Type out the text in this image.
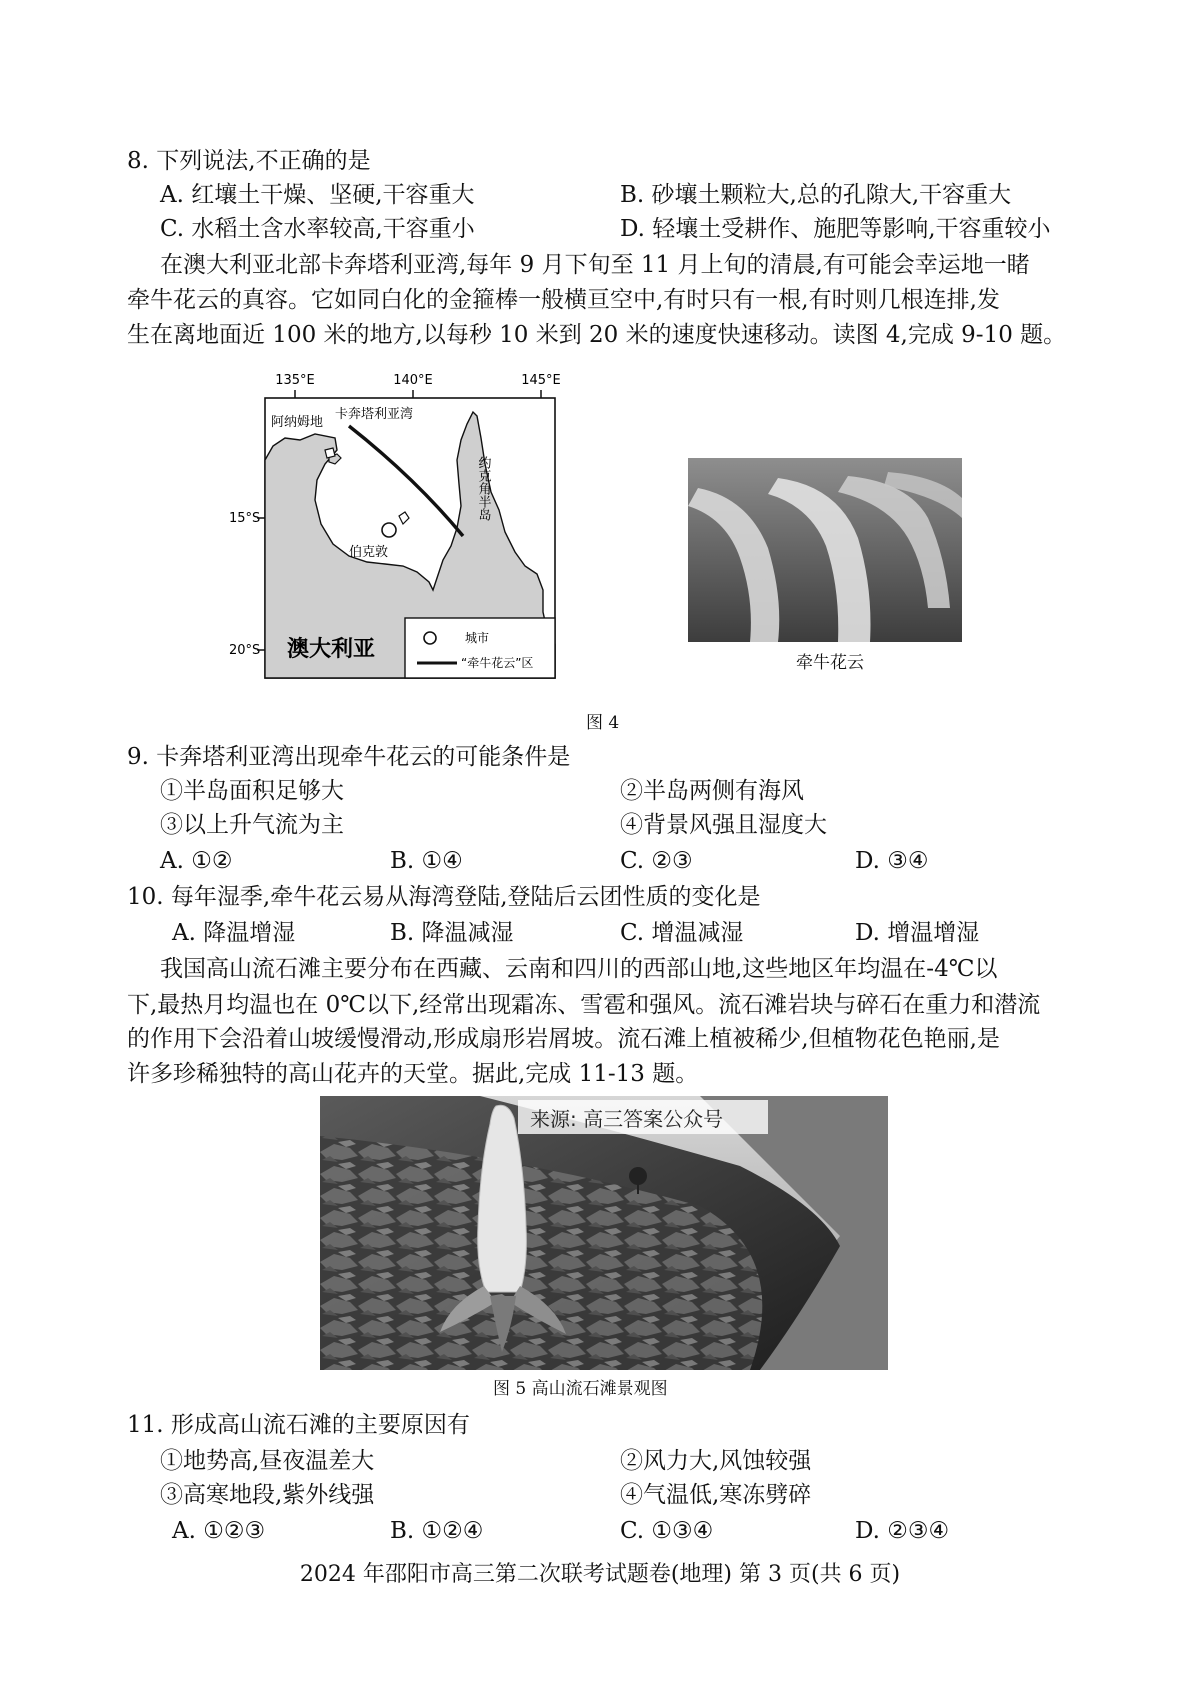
8. 下列说法,不正确的是
A. 红壤土干燥、坚硬,干容重大	B. 砂壤土颗粒大,总的孔隙大,干容重大
C. 水稻土含水率较高,干容重小	D. 轻壤土受耕作、施肥等影响,干容重较小
在澳大利亚北部卡奔塔利亚湾,每年 9 月下旬至 11 月上旬的清晨,有可能会幸运地一睹
牵牛花云的真容。它如同白化的金箍棒一般横亘空中,有时只有一根,有时则几根连排,发
生在离地面近 100 米的地方,以每秒 10 米到 20 米的速度快速移动。读图 4,完成 9-10 题。
135°E	140°E	145°E
15°S
20°S
阿纳姆地
卡奔塔利亚湾
约克角半岛
伯克敦
城市
“牵牛花云”区
澳大利亚
牵牛花云
图 4
9. 卡奔塔利亚湾出现牵牛花云的可能条件是
①半岛面积足够大	②半岛两侧有海风
③以上升气流为主	④背景风强且湿度大
A. ①②	B. ①④	C. ②③	D. ③④
10. 每年湿季,牵牛花云易从海湾登陆,登陆后云团性质的变化是
A. 降温增湿	B. 降温减湿	C. 增温减湿	D. 增温增湿
我国高山流石滩主要分布在西藏、云南和四川的西部山地,这些地区年均温在-4℃以
下,最热月均温也在 0℃以下,经常出现霜冻、雪雹和强风。流石滩岩块与碎石在重力和潜流
的作用下会沿着山坡缓慢滑动,形成扇形岩屑坡。流石滩上植被稀少,但植物花色艳丽,是
许多珍稀独特的高山花卉的天堂。据此,完成 11-13 题。
来源: 高三答案公众号
图 5 高山流石滩景观图
11. 形成高山流石滩的主要原因有
①地势高,昼夜温差大	②风力大,风蚀较强
③高寒地段,紫外线强	④气温低,寒冻劈碎
A. ①②③	B. ①②④	C. ①③④	D. ②③④
2024 年邵阳市高三第二次联考试题卷(地理) 第 3 页(共 6 页)
